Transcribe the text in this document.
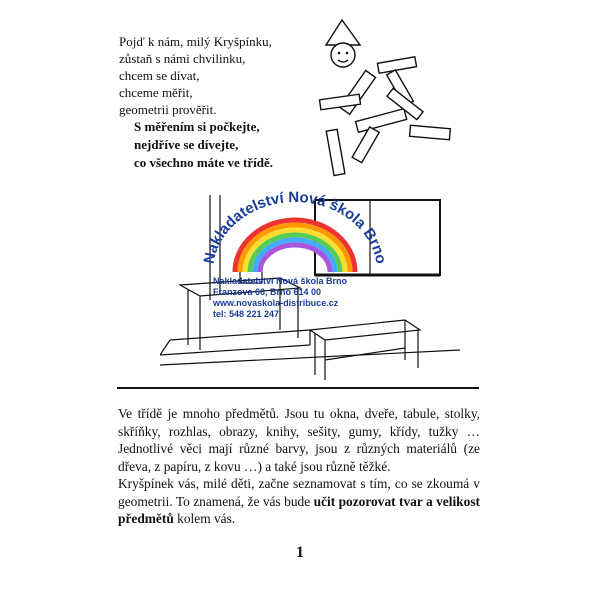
Pojď k nám, milý Kryšpínku,
zůstaň s námi chvilinku,
chcem se dívat,
chceme měřit,
geometrii prověřit.
S měřením si počkejte,
nejdříve se dívejte,
co všechno máte ve třídě.
Nakladatelství Nová škola Brno
Nakladatelství Nová škola Brno
Franzova 66, Brno 614 00
www.novaskola-distribuce.cz
tel: 548 221 247

Ve třídě je mnoho předmětů. Jsou tu okna, dveře, tabule, stolky, skříňky, rozhlas, obrazy, knihy, sešity, gumy, křídy, tužky … Jednotlivé věci mají různé barvy, jsou z různých materiálů (ze dřeva, z papíru, z kovu …) a také jsou různě těžké.

Kryšpínek vás, milé děti, začne seznamovat s tím, co se zkoumá v geometrii. To znamená, že vás bude učit pozorovat tvar a velikost předmětů kolem vás.

1
